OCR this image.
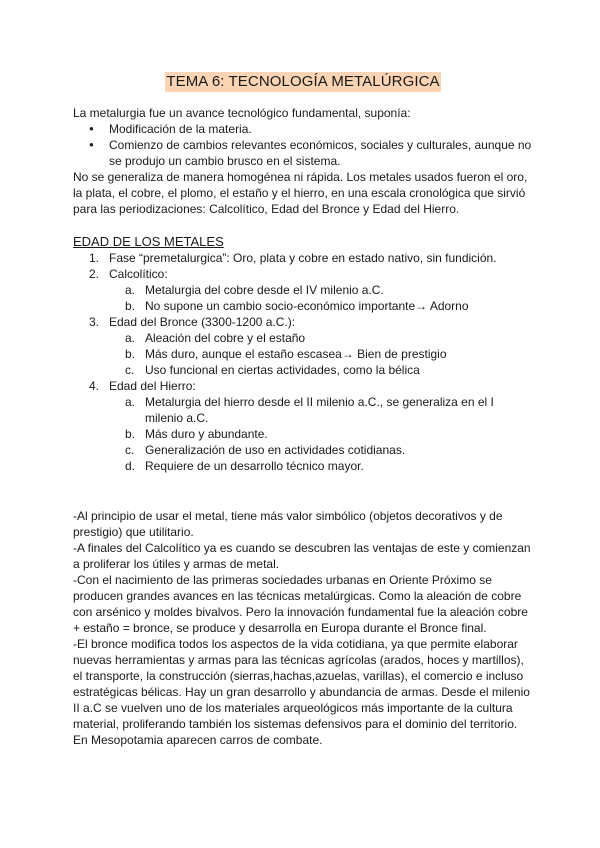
TEMA 6: TECNOLOGÍA METALÚRGICA

La metalurgia fue un avance tecnológico fundamental, suponía:

● Modificación de la materia.
● Comienzo de cambios relevantes económicos, sociales y culturales, aunque no se produjo un cambio brusco en el sistema.

No se generaliza de manera homogénea ni rápida. Los metales usados fueron el oro, la plata, el cobre, el plomo, el estaño y el hierro, en una escala cronológica que sirvió para las periodizaciones: Calcolítico, Edad del Bronce y Edad del Hierro.

EDAD DE LOS METALES
1. Fase “premetalurgica”: Oro, plata y cobre en estado nativo, sin fundición.
2. Calcolítico:
a. Metalurgia del cobre desde el IV milenio a.C.
b. No supone un cambio socio-económico importante→ Adorno
3. Edad del Bronce (3300-1200 a.C.):
a. Aleación del cobre y el estaño
b. Más duro, aunque el estaño escasea→ Bien de prestigio
c. Uso funcional en ciertas actividades, como la bélica
4. Edad del Hierro:
a. Metalurgia del hierro desde el II milenio a.C., se generaliza en el I milenio a.C.
b. Más duro y abundante.
c. Generalización de uso en actividades cotidianas.
d. Requiere de un desarrollo técnico mayor.

-Al principio de usar el metal, tiene más valor simbólico (objetos decorativos y de prestigio) que utilitario.

-A finales del Calcolítico ya es cuando se descubren las ventajas de este y comienzan a proliferar los útiles y armas de metal.

-Con el nacimiento de las primeras sociedades urbanas en Oriente Próximo se producen grandes avances en las técnicas metalúrgicas. Como la aleación de cobre con arsénico y moldes bivalvos. Pero la innovación fundamental fue la aleación cobre + estaño = bronce, se produce y desarrolla en Europa durante el Bronce final.

-El bronce modifica todos los aspectos de la vida cotidiana, ya que permite elaborar nuevas herramientas y armas para las técnicas agrícolas (arados, hoces y martillos), el transporte, la construcción (sierras,hachas,azuelas, varillas), el comercio e incluso estratégicas bélicas. Hay un gran desarrollo y abundancia de armas. Desde el milenio II a.C se vuelven uno de los materiales arqueológicos más importante de la cultura material, proliferando también los sistemas defensivos para el dominio del territorio. En Mesopotamia aparecen carros de combate.
